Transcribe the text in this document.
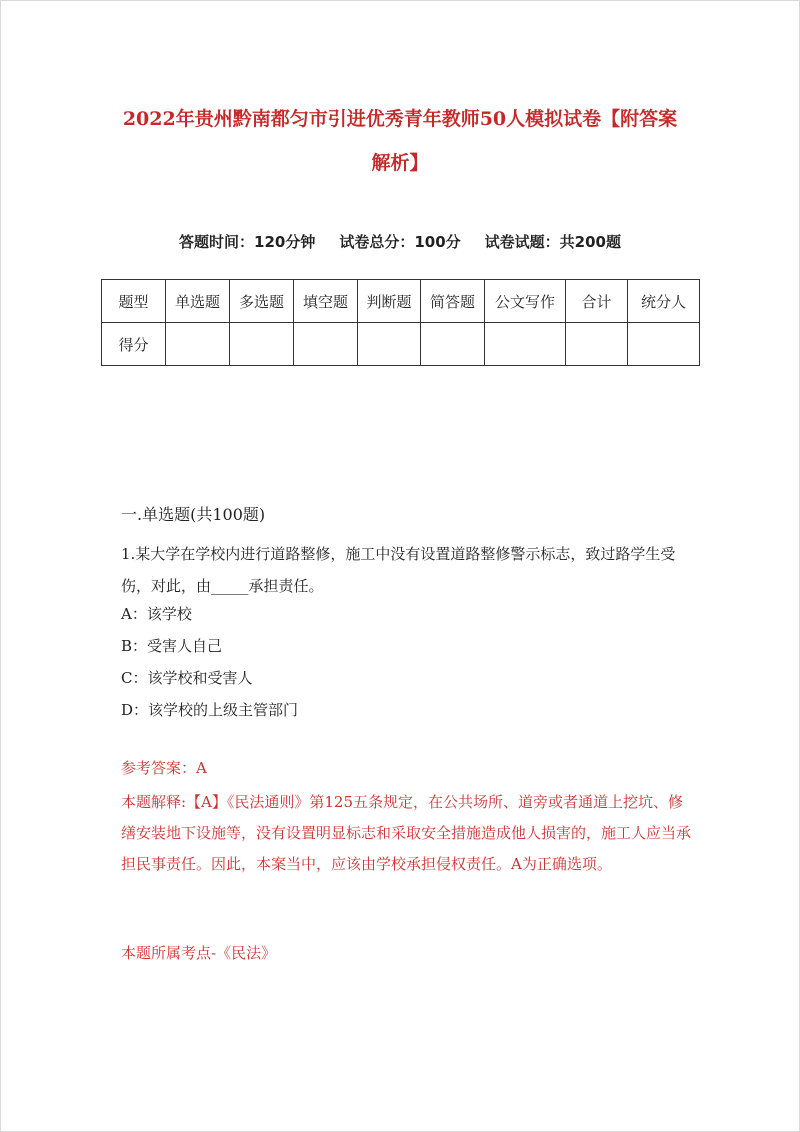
2022年贵州黔南都匀市引进优秀青年教师50人模拟试卷【附答案
解析】
答题时间：120分钟 试卷总分：100分 试卷试题：共200题
题型	单选题	多选题	填空题	判断题	简答题	公文写作	合计	统分人
得分								
一.单选题(共100题)
1.某大学在学校内进行道路整修，施工中没有设置道路整修警示标志，致过路学生受伤，对此，由_____承担责任。
A：该学校
B：受害人自己
C：该学校和受害人
D：该学校的上级主管部门
参考答案：A
本题解释:【A】《民法通则》第125五条规定，在公共场所、道旁或者通道上挖坑、修缮安装地下设施等，没有设置明显标志和采取安全措施造成他人损害的，施工人应当承担民事责任。因此，本案当中，应该由学校承担侵权责任。A为正确选项。
本题所属考点-《民法》
